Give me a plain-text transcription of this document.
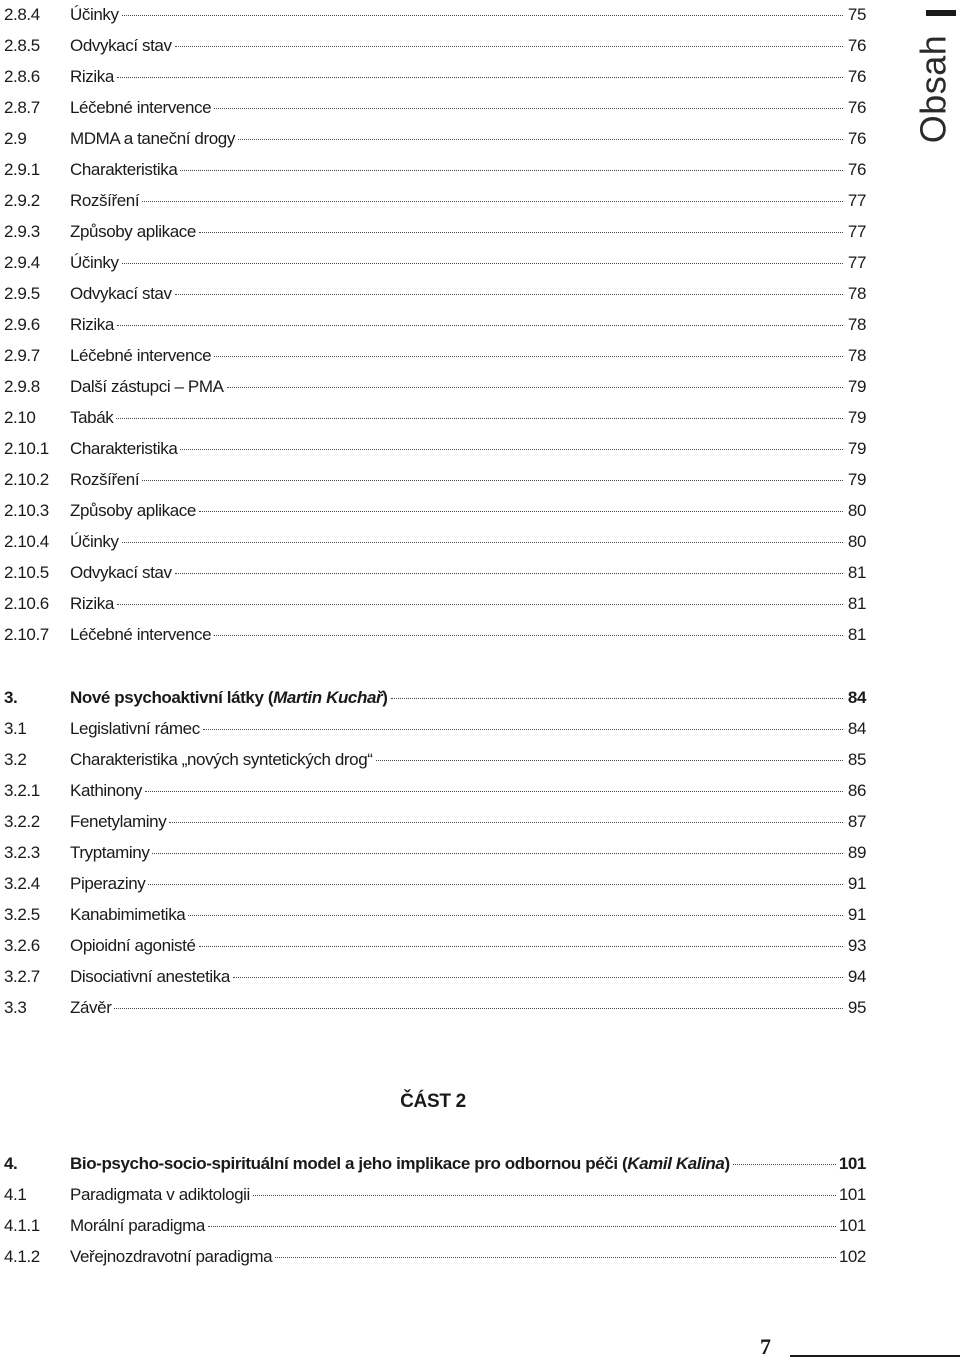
2.8.4	Účinky	75
2.8.5	Odvykací stav	76
2.8.6	Rizika	76
2.8.7	Léčebné intervence	76
2.9	MDMA a taneční drogy	76
2.9.1	Charakteristika	76
2.9.2	Rozšíření	77
2.9.3	Způsoby aplikace	77
2.9.4	Účinky	77
2.9.5	Odvykací stav	78
2.9.6	Rizika	78
2.9.7	Léčebné intervence	78
2.9.8	Další zástupci – PMA	79
2.10	Tabák	79
2.10.1	Charakteristika	79
2.10.2	Rozšíření	79
2.10.3	Způsoby aplikace	80
2.10.4	Účinky	80
2.10.5	Odvykací stav	81
2.10.6	Rizika	81
2.10.7	Léčebné intervence	81
3.	Nové psychoaktivní látky (Martin Kuchař)	84
3.1	Legislativní rámec	84
3.2	Charakteristika „nových syntetických drog“	85
3.2.1	Kathinony	86
3.2.2	Fenetylaminy	87
3.2.3	Tryptaminy	89
3.2.4	Piperaziny	91
3.2.5	Kanabimimetika	91
3.2.6	Opioidní agonisté	93
3.2.7	Disociativní anestetika	94
3.3	Závěr	95
4.	Bio-psycho-socio-spirituální model a jeho implikace pro odbornou péči (Kamil Kalina)	101
4.1	Paradigmata v adiktologii	101
4.1.1	Morální paradigma	101
4.1.2	Veřejnozdravotní paradigma	102
ČÁST 2
Obsah
7
